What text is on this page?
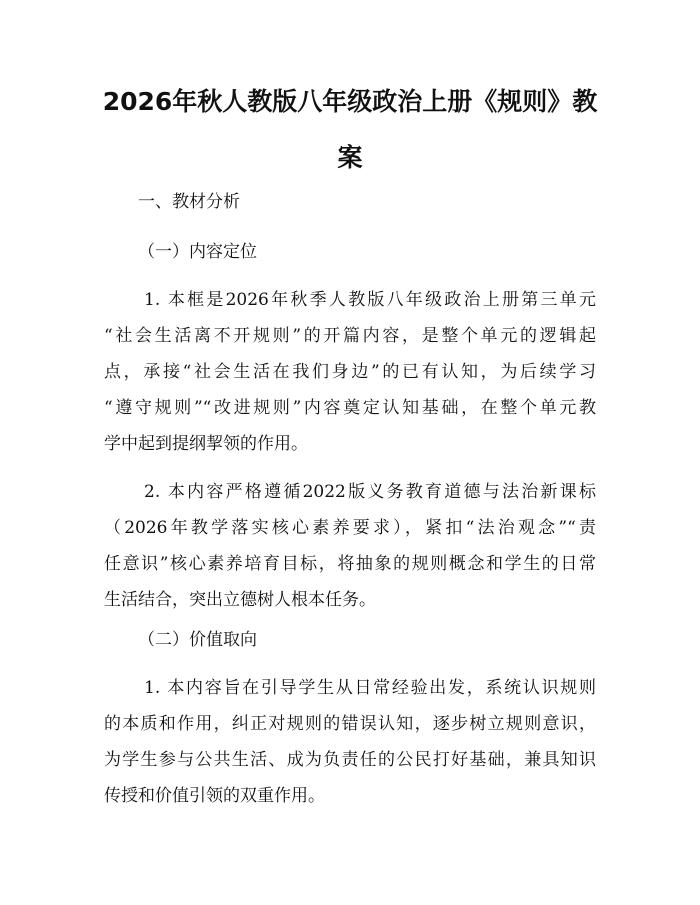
2026年秋人教版八年级政治上册《规则》教
案

一、教材分析

（一）内容定位

1. 本框是2026年秋季人教版八年级政治上册第三单元
“社会生活离不开规则”的开篇内容，是整个单元的逻辑起
点，承接“社会生活在我们身边”的已有认知，为后续学习
“遵守规则”“改进规则”内容奠定认知基础，在整个单元教
学中起到提纲挈领的作用。
2. 本内容严格遵循2022版义务教育道德与法治新课标
（2026年教学落实核心素养要求），紧扣“法治观念”“责
任意识”核心素养培育目标，将抽象的规则概念和学生的日常
生活结合，突出立德树人根本任务。

（二）价值取向

1. 本内容旨在引导学生从日常经验出发，系统认识规则
的本质和作用，纠正对规则的错误认知，逐步树立规则意识，
为学生参与公共生活、成为负责任的公民打好基础，兼具知识
传授和价值引领的双重作用。
